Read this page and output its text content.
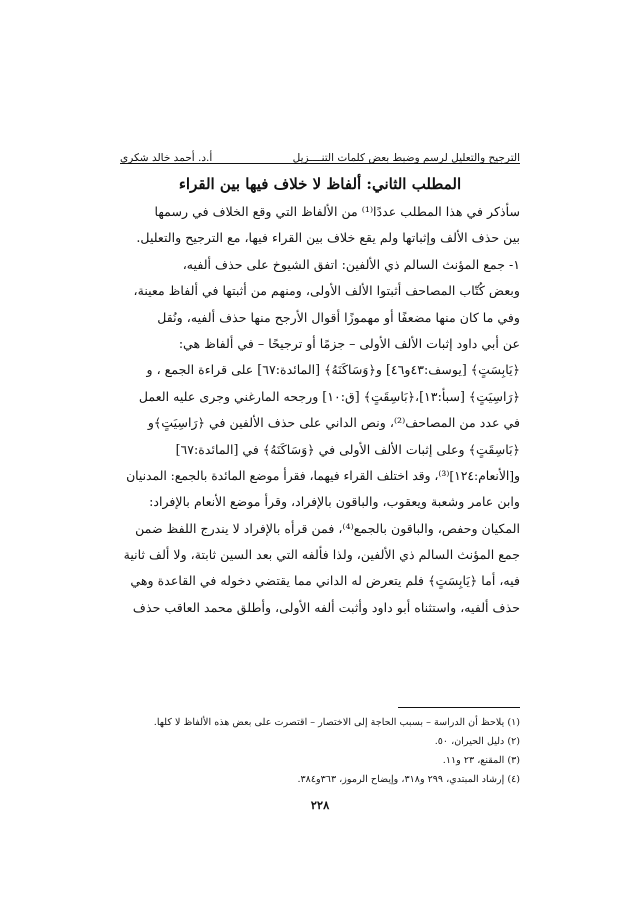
الترجيح والتعليل لرسم وضبط بعض كلمات التنــــزيل
أ.د. أحمد خالد شكري
المطلب الثاني: ألفاظ لا خلاف فيها بين القراء
سأذكر في هذا المطلب عددًا⁽¹⁾ من الألفاظ التي وقع الخلاف في رسمها
بين حذف الألف وإثباتها ولم يقع خلاف بين القراء فيها، مع الترجيح والتعليل.
١- جمع المؤنث السالم ذي الألفين: اتفق الشيوخ على حذف ألفيه،
وبعض كُتّاب المصاحف أثبتوا الألف الأولى، ومنهم من أثبتها في ألفاظ معينة،
وفي ما كان منها مضعفًا أو مهموزًا أقوال الأرجح منها حذف ألفيه، ونُقل
عن أبي داود إثبات الألف الأولى – جزمًا أو ترجيحًا – في ألفاظ هي:
﴿يَابِسَتٍ﴾ [يوسف:٤٣و٤٦] و﴿وَسَاكَنَهُ﴾ [المائدة:٦٧] على قراءة الجمع ، و
﴿رَاسِيَتٍ﴾ [سبأ:١٣]،﴿بَاسِقَتٍ﴾ [ق:١٠] ورجحه المارغني وجرى عليه العمل
في عدد من المصاحف⁽²⁾، ونص الداني على حذف الألفين في ﴿رَاسِيَتٍ﴾و
﴿بَاسِقَتٍ﴾ وعلى إثبات الألف الأولى في ﴿وَسَاكَنَهُ﴾ في [المائدة:٦٧]
و[الأنعام:١٢٤]⁽³⁾، وقد اختلف القراء فيهما، فقرأ موضع المائدة بالجمع: المدنيان
وابن عامر وشعبة ويعقوب، والباقون بالإفراد، وقرأ موضع الأنعام بالإفراد:
المكيان وحفص، والباقون بالجمع⁽⁴⁾، فمن قرأه بالإفراد لا يندرج اللفظ ضمن
جمع المؤنث السالم ذي الألفين، ولذا فألفه التي بعد السين ثابتة، ولا ألف ثانية
فيه، أما ﴿يَابِسَتٍ﴾ فلم يتعرض له الداني مما يقتضي دخوله في القاعدة وهي
حذف ألفيه، واستثناه أبو داود وأثبت ألفه الأولى، وأطلق محمد العاقب حذف
(١) يلاحظ أن الدراسة – بسبب الحاجة إلى الاختصار – اقتصرت على بعض هذه الألفاظ لا كلها.
(٢) دليل الحيران، ٥٠.
(٣) المقنع، ٢٣ و١١.
(٤) إرشاد المبتدي، ٢٩٩ و٣١٨، وإيضاح الرموز، ٣٦٣و٣٨٤.
٢٢٨
